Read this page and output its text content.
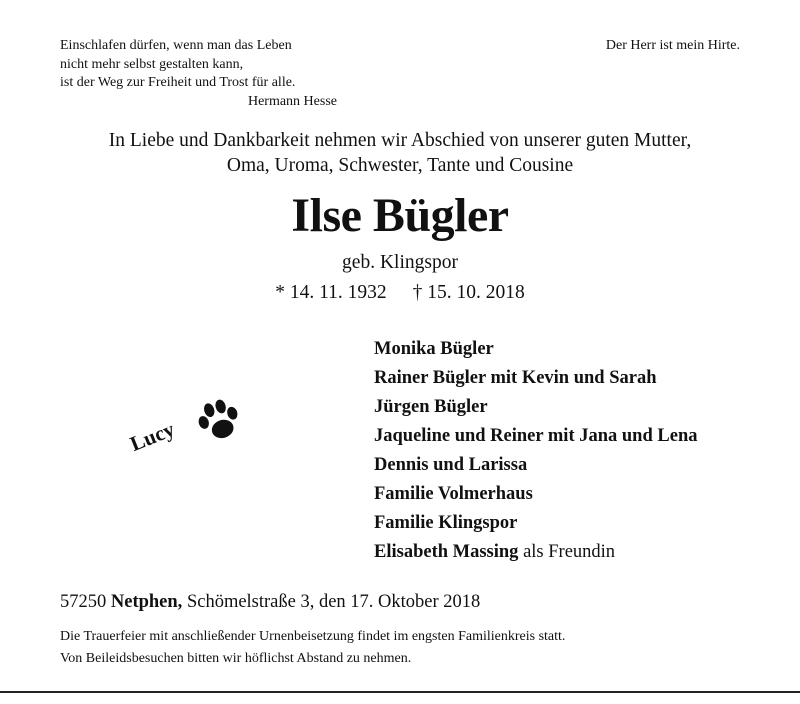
Einschlafen dürfen, wenn man das Leben
nicht mehr selbst gestalten kann,
ist der Weg zur Freiheit und Trost für alle.
Hermann Hesse
Der Herr ist mein Hirte.
In Liebe und Dankbarkeit nehmen wir Abschied von unserer guten Mutter,
Oma, Uroma, Schwester, Tante und Cousine
Ilse Bügler
geb. Klingspor
* 14. 11. 1932 † 15. 10. 2018
Lucy
Monika Bügler
Rainer Bügler mit Kevin und Sarah
Jürgen Bügler
Jaqueline und Reiner mit Jana und Lena
Dennis und Larissa
Familie Volmerhaus
Familie Klingspor
Elisabeth Massing als Freundin
57250 Netphen, Schömelstraße 3, den 17. Oktober 2018
Die Trauerfeier mit anschließender Urnenbeisetzung findet im engsten Familienkreis statt.
Von Beileidsbesuchen bitten wir höflichst Abstand zu nehmen.
